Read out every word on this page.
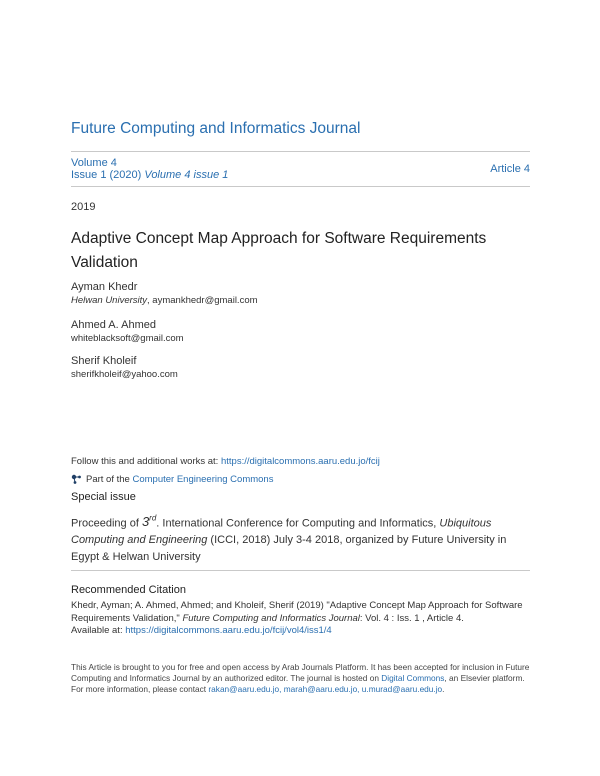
Future Computing and Informatics Journal
Volume 4
Issue 1 (2020) Volume 4 issue 1	Article 4
2019
Adaptive Concept Map Approach for Software Requirements Validation
Ayman Khedr
Helwan University, aymankhedr@gmail.com
Ahmed A. Ahmed
whiteblacksoft@gmail.com
Sherif Kholeif
sherifkholeif@yahoo.com
Follow this and additional works at: https://digitalcommons.aaru.edu.jo/fcij
Part of the
Computer Engineering Commons
Special issue
Proceeding of 3rd. International Conference for Computing and Informatics, Ubiquitous Computing and Engineering (ICCI, 2018) July 3-4 2018, organized by Future University in Egypt & Helwan University
Recommended Citation
Khedr, Ayman; A. Ahmed, Ahmed; and Kholeif, Sherif (2019) "Adaptive Concept Map Approach for Software Requirements Validation," Future Computing and Informatics Journal: Vol. 4 : Iss. 1 , Article 4.
Available at: https://digitalcommons.aaru.edu.jo/fcij/vol4/iss1/4
This Article is brought to you for free and open access by Arab Journals Platform. It has been accepted for inclusion in Future Computing and Informatics Journal by an authorized editor. The journal is hosted on Digital Commons, an Elsevier platform. For more information, please contact rakan@aaru.edu.jo, marah@aaru.edu.jo, u.murad@aaru.edu.jo.
